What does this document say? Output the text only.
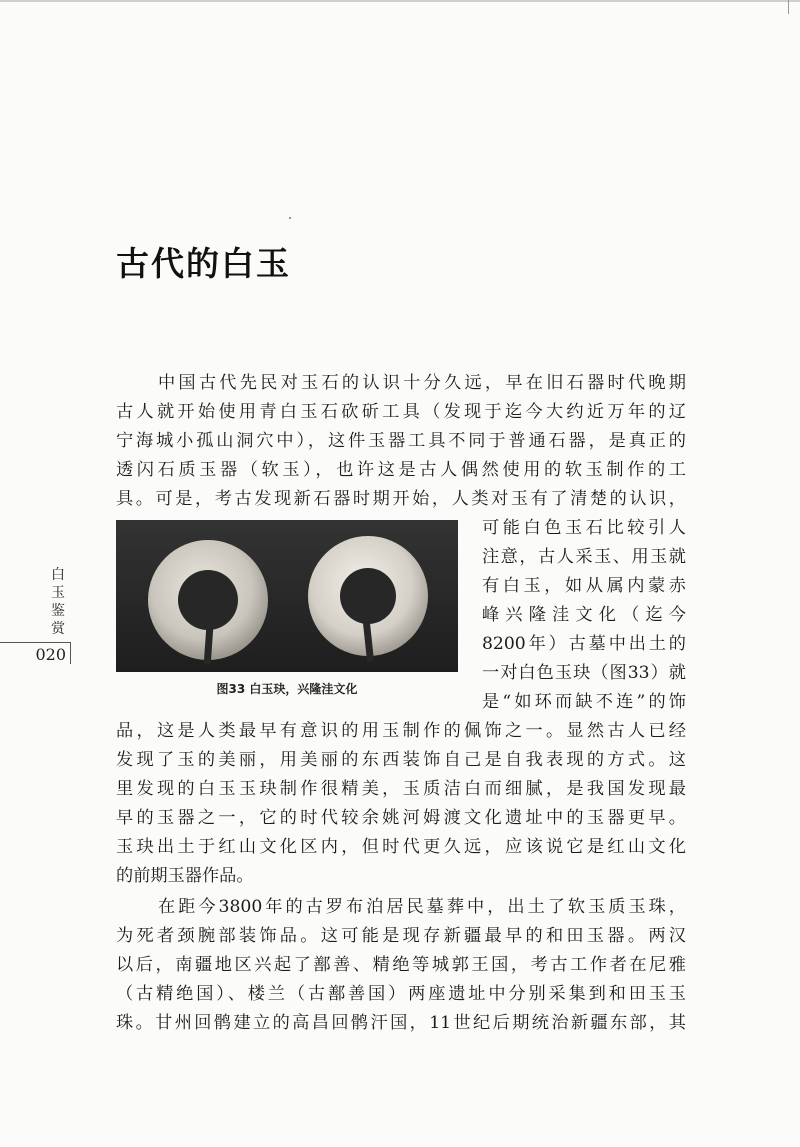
古代的白玉
中国古代先民对玉石的认识十分久远，早在旧石器时代晚期
古人就开始使用青白玉石砍斫工具（发现于迄今大约近万年的辽
宁海城小孤山洞穴中），这件玉器工具不同于普通石器，是真正的
透闪石质玉器（软玉），也许这是古人偶然使用的软玉制作的工
具。可是，考古发现新石器时期开始，人类对玉有了清楚的认识，
可能白色玉石比较引人
注意，古人采玉、用玉就
有白玉，如从属内蒙赤
峰兴隆洼文化（迄今
8200年）古墓中出土的
一对白色玉玦（图33）就
是“如环而缺不连”的饰
图33 白玉玦，兴隆洼文化
品，这是人类最早有意识的用玉制作的佩饰之一。显然古人已经
发现了玉的美丽，用美丽的东西装饰自己是自我表现的方式。这
里发现的白玉玉玦制作很精美，玉质洁白而细腻，是我国发现最
早的玉器之一，它的时代较余姚河姆渡文化遗址中的玉器更早。
玉玦出土于红山文化区内，但时代更久远，应该说它是红山文化
的前期玉器作品。
在距今3800年的古罗布泊居民墓葬中，出土了软玉质玉珠，
为死者颈腕部装饰品。这可能是现存新疆最早的和田玉器。两汉
以后，南疆地区兴起了鄯善、精绝等城郭王国，考古工作者在尼雅
（古精绝国）、楼兰（古鄯善国）两座遗址中分别采集到和田玉玉
珠。甘州回鹘建立的高昌回鹘汗国，11世纪后期统治新疆东部，其
白
玉
鉴
赏
020
